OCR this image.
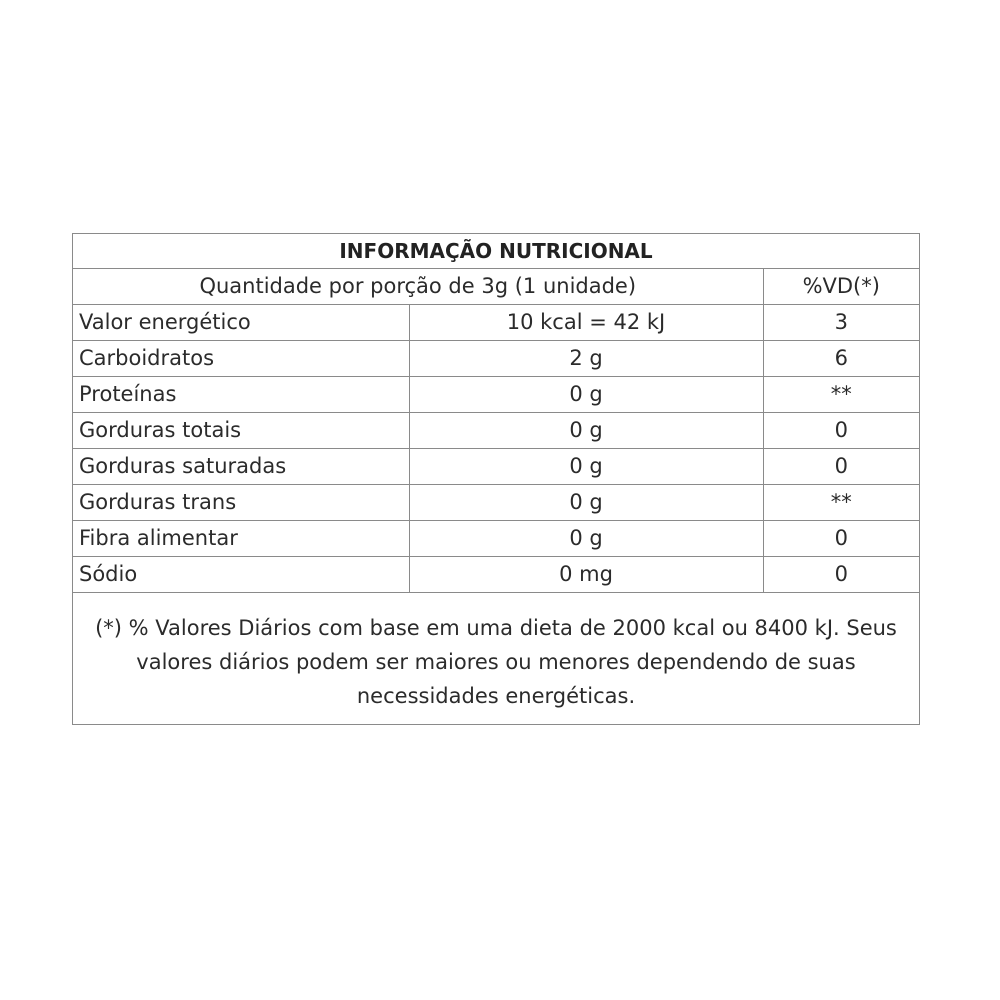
INFORMAÇÃO NUTRICIONAL		
Quantidade por porção de 3g (1 unidade)		%VD(*)
Valor energético	10 kcal = 42 kJ	3
Carboidratos	2 g	6
Proteínas	0 g	**
Gorduras totais	0 g	0
Gorduras saturadas	0 g	0
Gorduras trans	0 g	**
Fibra alimentar	0 g	0
Sódio	0 mg	0
(*) % Valores Diários com base em uma dieta de 2000 kcal ou 8400 kJ. Seus valores diários podem ser maiores ou menores dependendo de suas necessidades energéticas.
